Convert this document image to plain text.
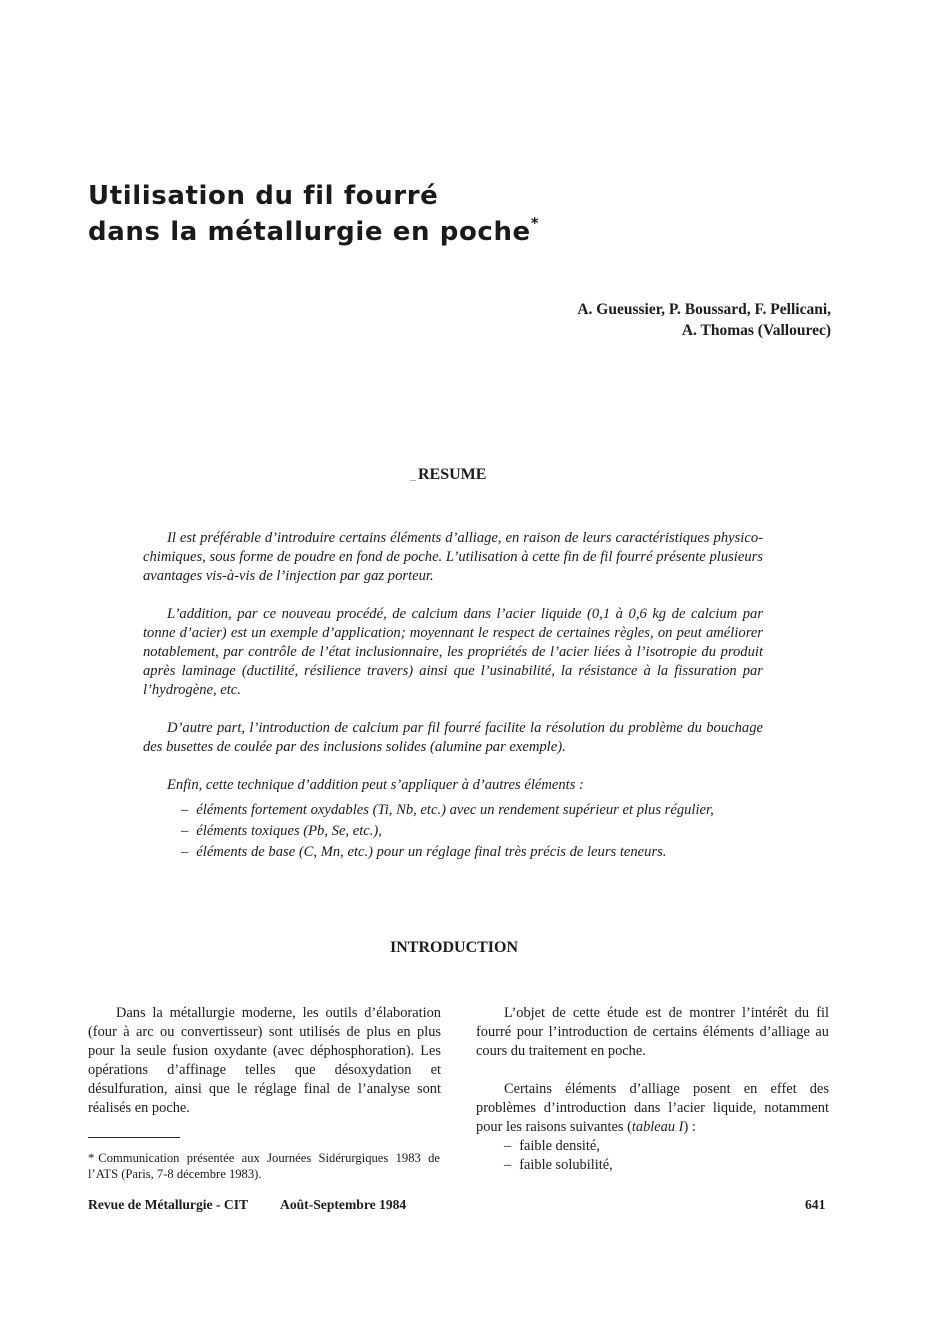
Utilisation du fil fourré
dans la métallurgie en poche*
A. Gueussier, P. Boussard, F. Pellicani,
A. Thomas (Vallourec)
_ RESUME

Il est préférable d’introduire certains éléments d’alliage, en raison de leurs caractéristiques physico-chimiques, sous forme de poudre en fond de poche. L’utilisation à cette fin de fil fourré présente plusieurs avantages vis-à-vis de l’injection par gaz porteur.

L’addition, par ce nouveau procédé, de calcium dans l’acier liquide (0,1 à 0,6 kg de calcium par tonne d’acier) est un exemple d’application; moyennant le respect de certaines règles, on peut améliorer notablement, par contrôle de l’état inclusionnaire, les propriétés de l’acier liées à l’isotropie du produit après laminage (ductilité, résilience travers) ainsi que l’usinabilité, la résistance à la fissuration par l’hydrogène, etc.

D’autre part, l’introduction de calcium par fil fourré facilite la résolution du problème du bouchage des busettes de coulée par des inclusions solides (alumine par exemple).

Enfin, cette technique d’addition peut s’appliquer à d’autres éléments :

– éléments fortement oxydables (Ti, Nb, etc.) avec un rendement supérieur et plus régulier,
– éléments toxiques (Pb, Se, etc.),
– éléments de base (C, Mn, etc.) pour un réglage final très précis de leurs teneurs.
INTRODUCTION

Dans la métallurgie moderne, les outils d’élaboration (four à arc ou convertisseur) sont utilisés de plus en plus pour la seule fusion oxydante (avec déphosphoration). Les opérations d’affinage telles que désoxydation et désulfuration, ainsi que le réglage final de l’analyse sont réalisés en poche.

L’objet de cette étude est de montrer l’intérêt du fil fourré pour l’introduction de certains éléments d’alliage au cours du traitement en poche.

Certains éléments d’alliage posent en effet des problèmes d’introduction dans l’acier liquide, notamment pour les raisons suivantes (tableau I) :

– faible densité,
– faible solubilité,
* Communication présentée aux Journées Sidérurgiques 1983 de l’ATS (Paris, 7-8 décembre 1983).
Revue de Métallurgie - CIT Août-Septembre 1984	641
